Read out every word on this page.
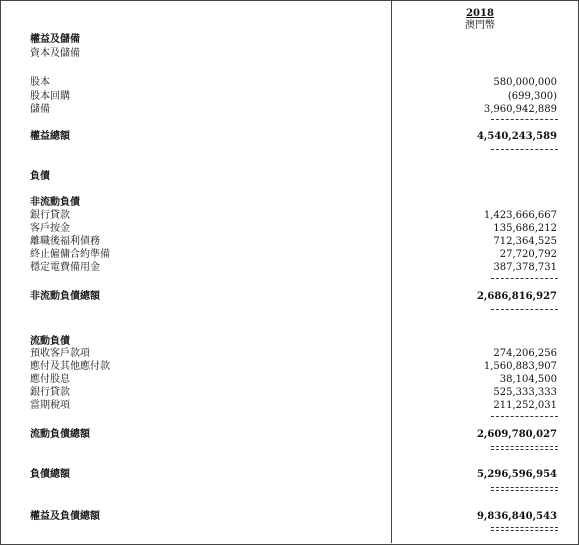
2018
澳門幣
權益及儲備
資本及儲備
股本	580,000,000
股本回購	(699,300)
儲備	3,960,942,889
權益總額	4,540,243,589
負債
非流動負債
銀行貸款	1,423,666,667
客戶按金	135,686,212
離職後福利債務	712,364,525
終止僱傭合約準備	27,720,792
穩定電費備用金	387,378,731
非流動負債總額	2,686,816,927
流動負債
預收客戶款項	274,206,256
應付及其他應付款	1,560,883,907
應付股息	38,104,500
銀行貸款	525,333,333
當期稅項	211,252,031
流動負債總額	2,609,780,027
負債總額	5,296,596,954
權益及負債總額	9,836,840,543
